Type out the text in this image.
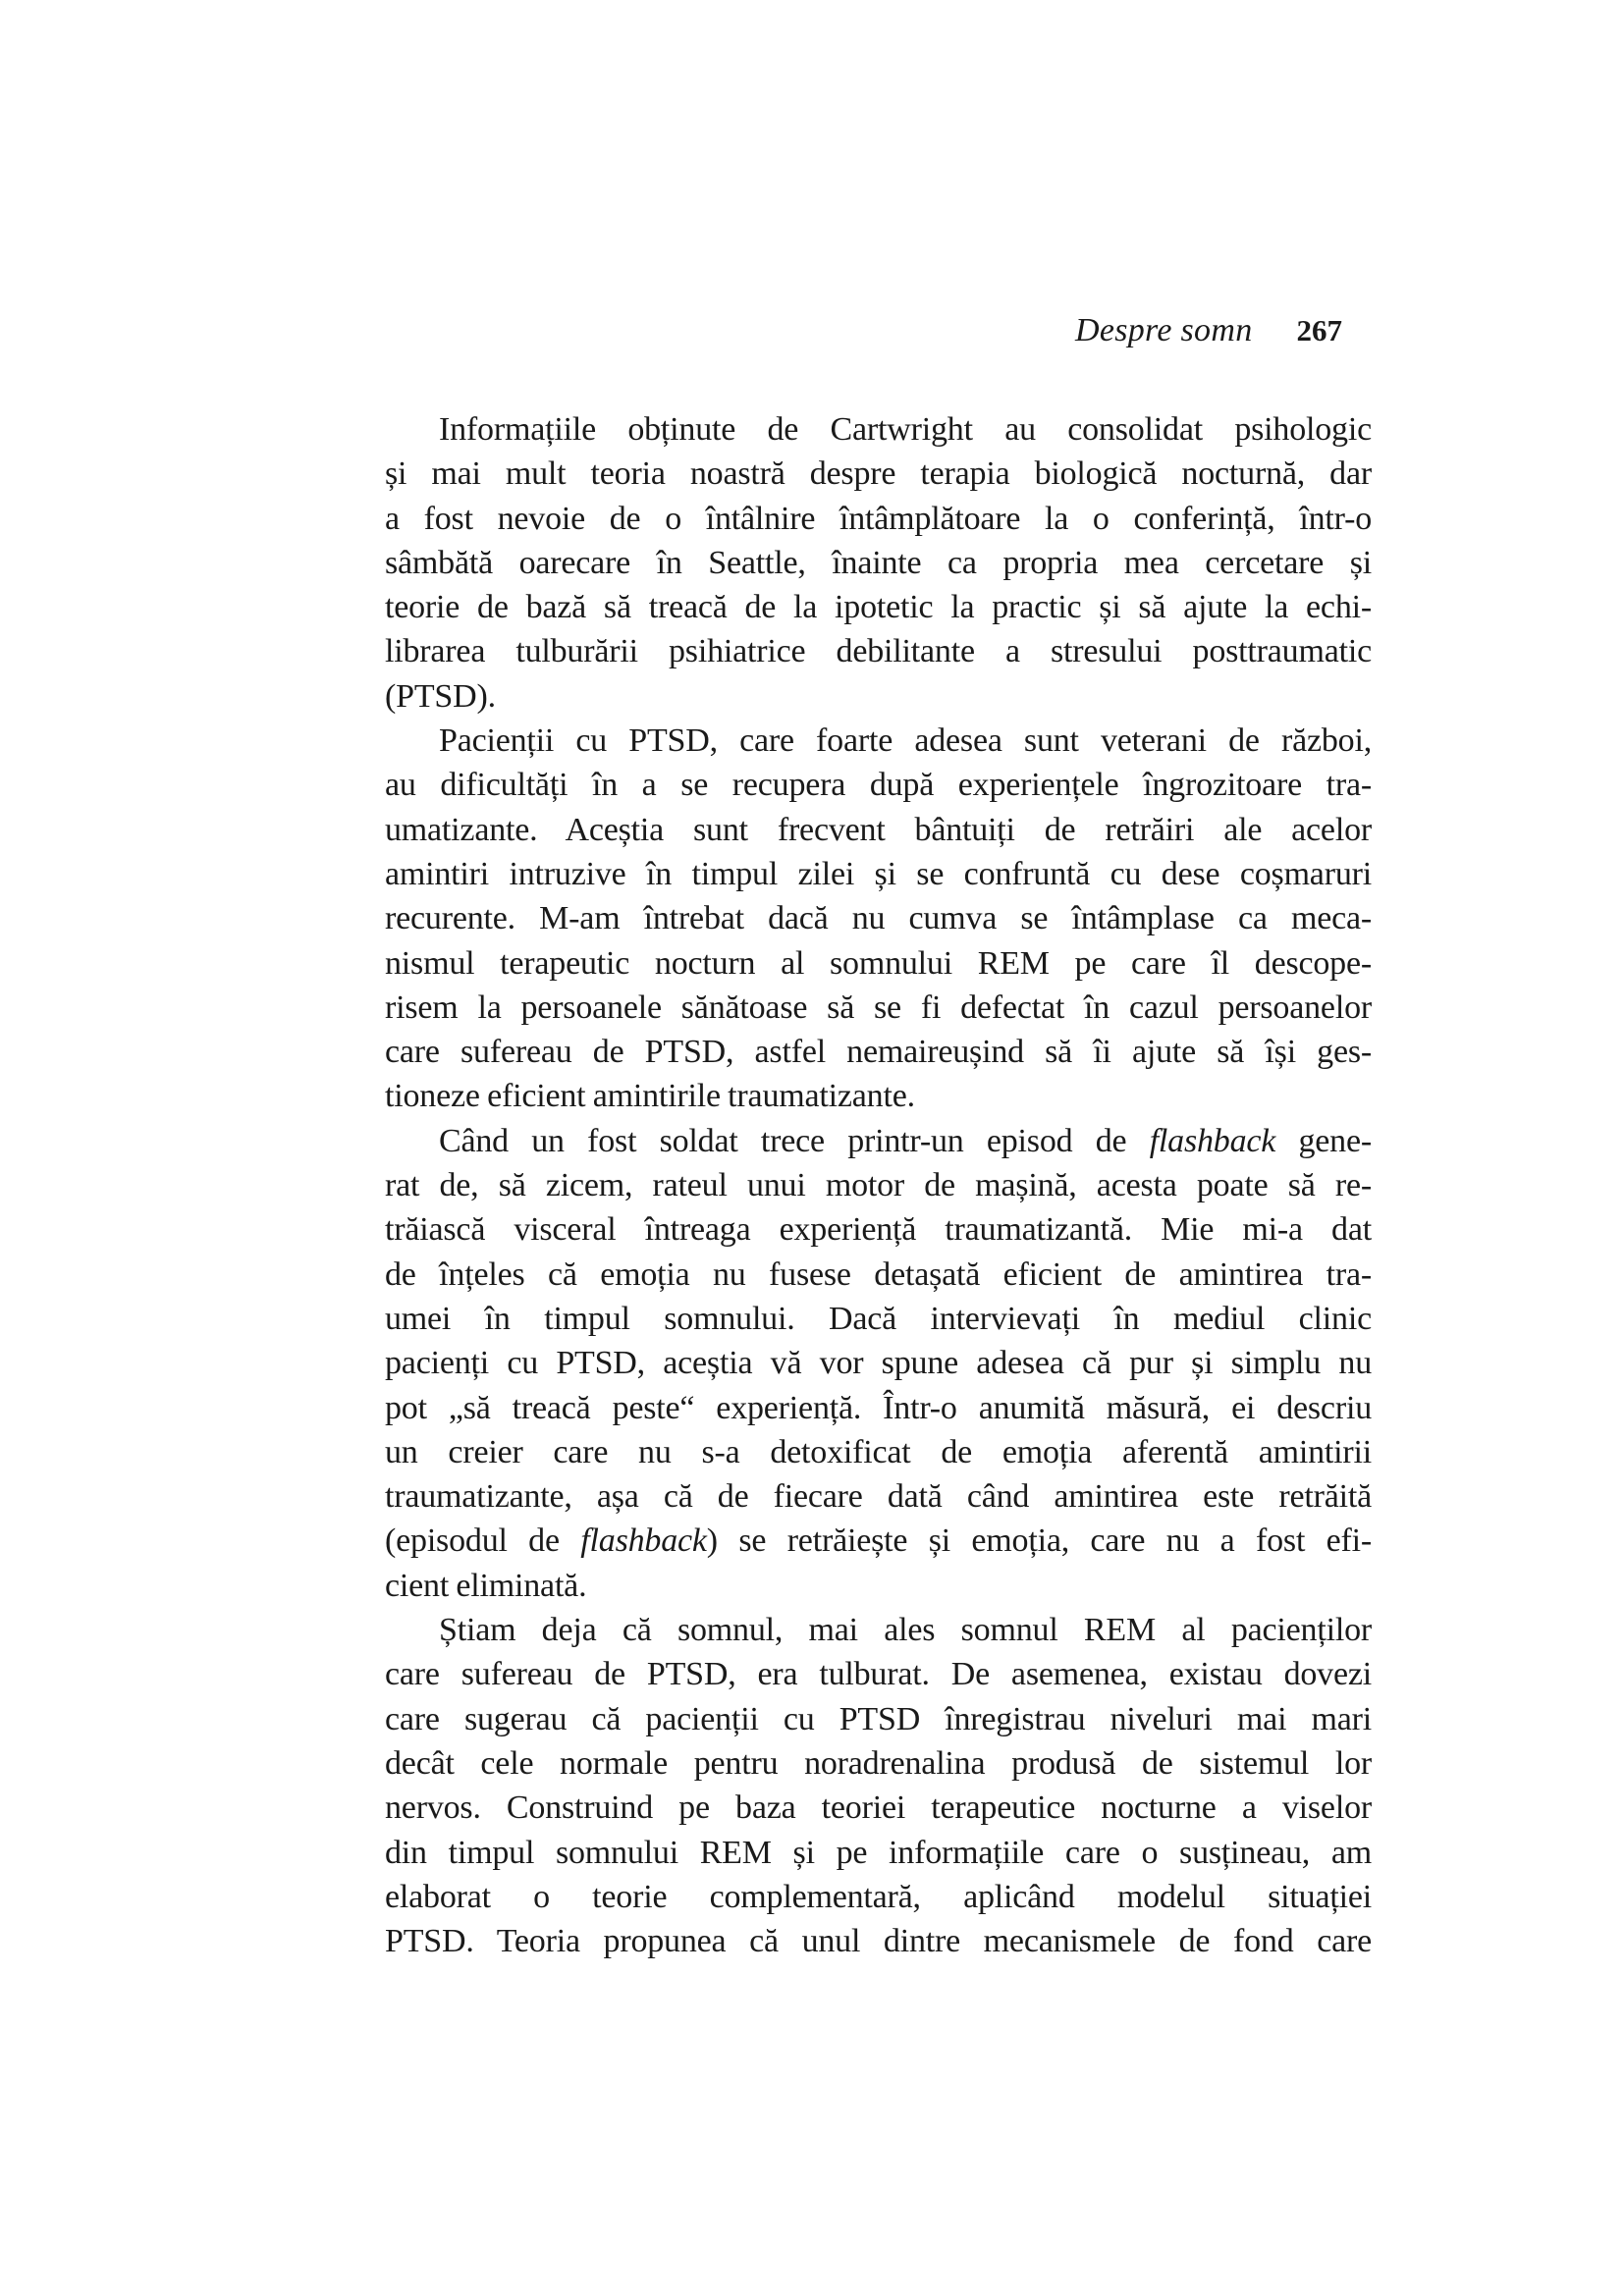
Despre somn 267
Informațiile obținute de Cartwright au consolidat psihologic
și mai mult teoria noastră despre terapia biologică nocturnă, dar
a fost nevoie de o întâlnire întâmplătoare la o conferință, într-o
sâmbătă oarecare în Seattle, înainte ca propria mea cercetare și
teorie de bază să treacă de la ipotetic la practic și să ajute la echi-
librarea tulburării psihiatrice debilitante a stresului posttraumatic
(PTSD).
Pacienții cu PTSD, care foarte adesea sunt veterani de război,
au dificultăți în a se recupera după experiențele îngrozitoare tra-
umatizante. Aceștia sunt frecvent bântuiți de retrăiri ale acelor
amintiri intruzive în timpul zilei și se confruntă cu dese coșmaruri
recurente. M-am întrebat dacă nu cumva se întâmplase ca meca-
nismul terapeutic nocturn al somnului REM pe care îl descope-
risem la persoanele sănătoase să se fi defectat în cazul persoanelor
care sufereau de PTSD, astfel nemaireușind să îi ajute să își ges-
tioneze eficient amintirile traumatizante.
Când un fost soldat trece printr-un episod de flashback gene-
rat de, să zicem, rateul unui motor de mașină, acesta poate să re-
trăiască visceral întreaga experiență traumatizantă. Mie mi-a dat
de înțeles că emoția nu fusese detașată eficient de amintirea tra-
umei în timpul somnului. Dacă intervievați în mediul clinic
pacienți cu PTSD, aceștia vă vor spune adesea că pur și simplu nu
pot „să treacă peste“ experiență. Într-o anumită măsură, ei descriu
un creier care nu s-a detoxificat de emoția aferentă amintirii
traumatizante, așa că de fiecare dată când amintirea este retrăită
(episodul de flashback) se retrăiește și emoția, care nu a fost efi-
cient eliminată.
Știam deja că somnul, mai ales somnul REM al pacienților
care sufereau de PTSD, era tulburat. De asemenea, existau dovezi
care sugerau că pacienții cu PTSD înregistrau niveluri mai mari
decât cele normale pentru noradrenalina produsă de sistemul lor
nervos. Construind pe baza teoriei terapeutice nocturne a viselor
din timpul somnului REM și pe informațiile care o susțineau, am
elaborat o teorie complementară, aplicând modelul situației
PTSD. Teoria propunea că unul dintre mecanismele de fond care
